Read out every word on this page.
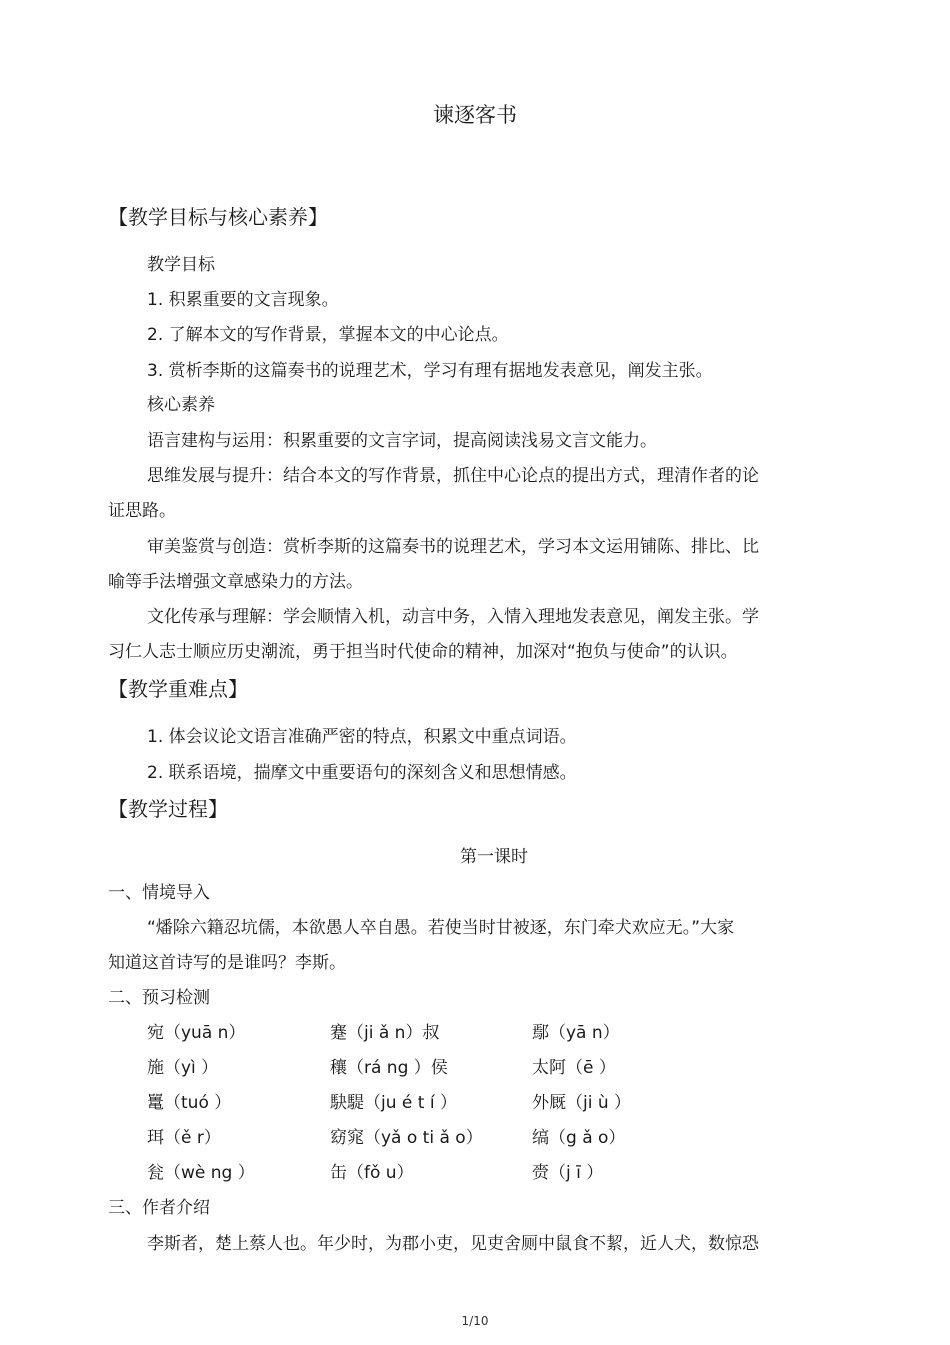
谏逐客书
【教学目标与核心素养】
教学目标
1. 积累重要的文言现象。
2. 了解本文的写作背景，掌握本文的中心论点。
3. 赏析李斯的这篇奏书的说理艺术，学习有理有据地发表意见，阐发主张。
核心素养
语言建构与运用：积累重要的文言字词，提高阅读浅易文言文能力。
思维发展与提升：结合本文的写作背景，抓住中心论点的提出方式，理清作者的论
证思路。
审美鉴赏与创造：赏析李斯的这篇奏书的说理艺术，学习本文运用铺陈、排比、比
喻等手法增强文章感染力的方法。
文化传承与理解：学会顺情入机，动言中务，入情入理地发表意见，阐发主张。学
习仁人志士顺应历史潮流，勇于担当时代使命的精神，加深对“抱负与使命”的认识。
【教学重难点】
1. 体会议论文语言准确严密的特点，积累文中重点词语。
2. 联系语境，揣摩文中重要语句的深刻含义和思想情感。
【教学过程】
第一课时
一、情境导入
“燔除六籍忍坑儒，本欲愚人卒自愚。若使当时甘被逐，东门牵犬欢应无。”大家
知道这首诗写的是谁吗？李斯。
二、预习检测
宛（yuā n）	蹇（ji ǎ n）叔	鄢（yā n）
施（yì ）	穰（rá ng ）侯	太阿（ē ）
鼍（tuó ）	駃騠（ju é t í ）	外厩（ji ù ）
珥（ě r）	窈窕（yǎ o ti ǎ o）	缟（g ǎ o）
瓮（wè ng ）	缶（fǒ u）	赍（j ī ）
三、作者介绍
李斯者，楚上蔡人也。年少时，为郡小吏，见吏舍厕中鼠食不絜，近人犬，数惊恐
1/10
